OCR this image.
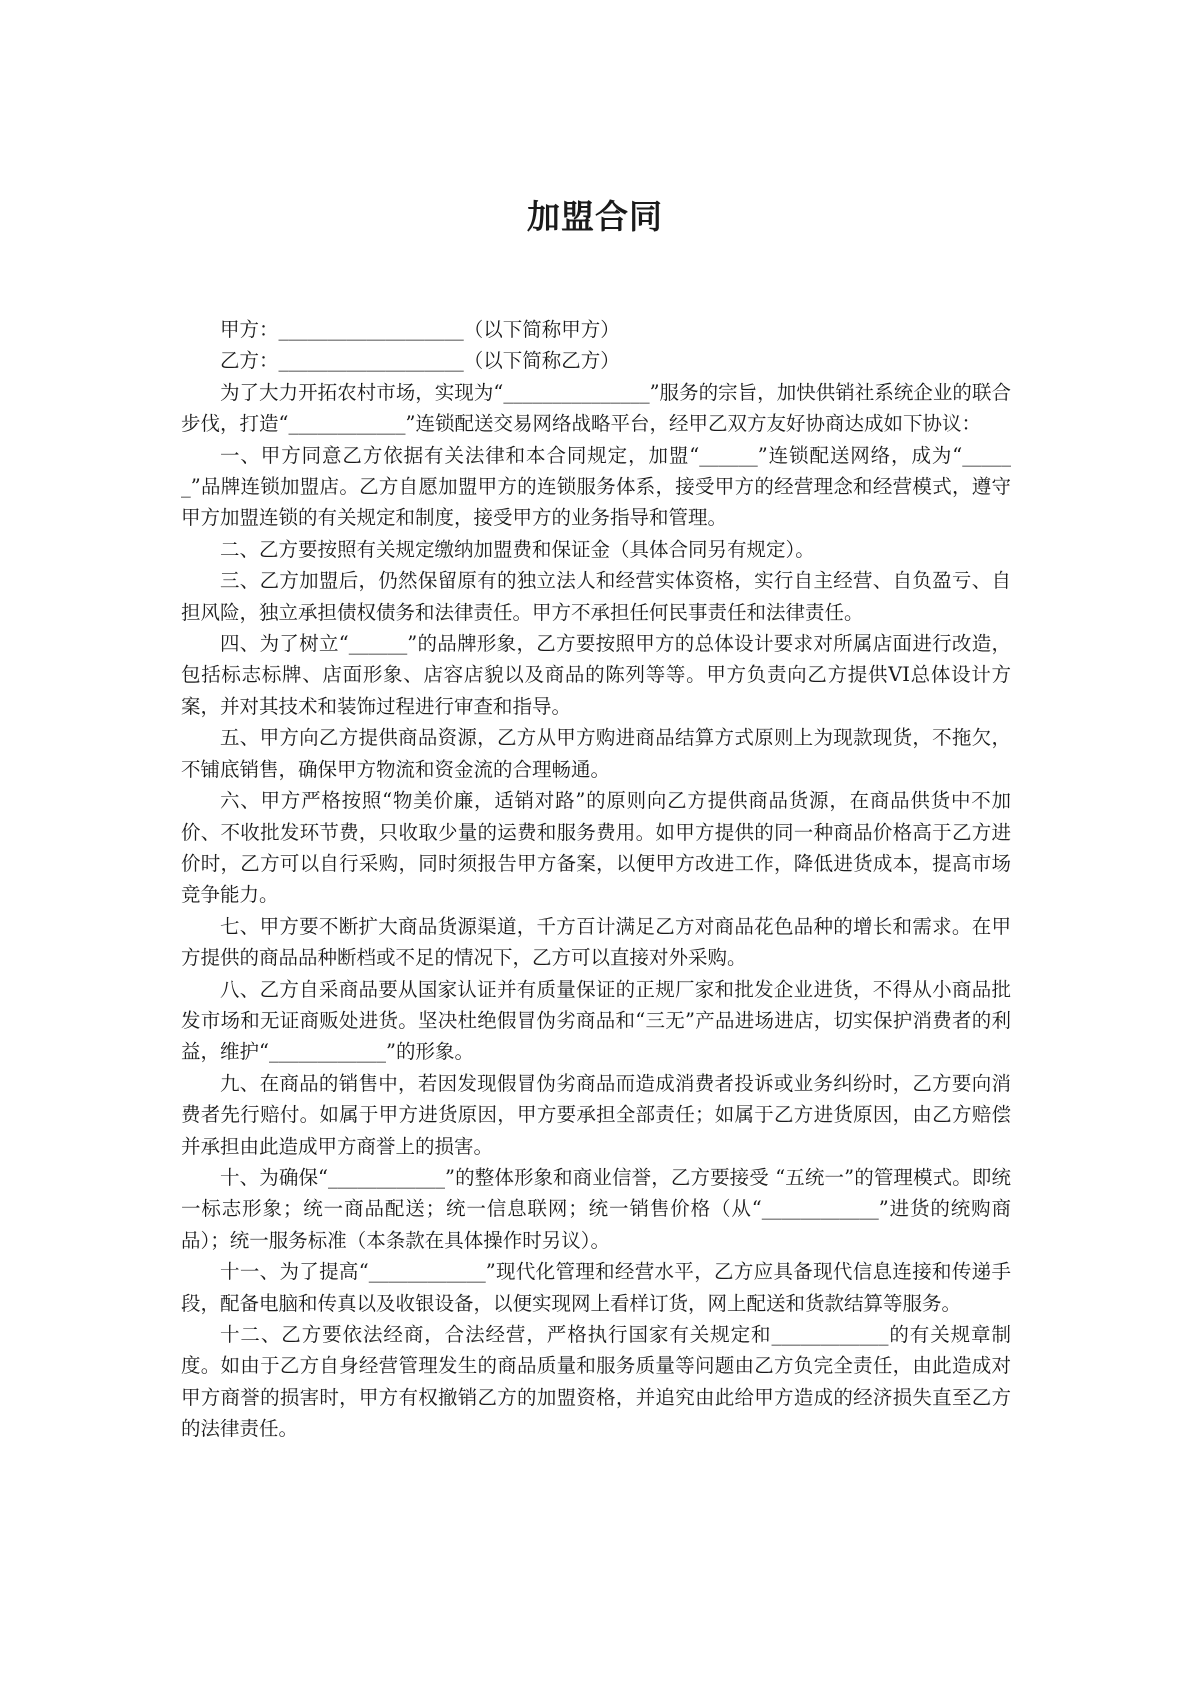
加盟合同

甲方：___________________（以下简称甲方）

乙方：___________________（以下简称乙方）

为了大力开拓农村市场，实现为“_______________”服务的宗旨，加快供销社系统企业的联合步伐，打造“____________”连锁配送交易网络战略平台，经甲乙双方友好协商达成如下协议：

一、甲方同意乙方依据有关法律和本合同规定，加盟“______”连锁配送网络，成为“______”品牌连锁加盟店。乙方自愿加盟甲方的连锁服务体系，接受甲方的经营理念和经营模式，遵守甲方加盟连锁的有关规定和制度，接受甲方的业务指导和管理。

二、乙方要按照有关规定缴纳加盟费和保证金（具体合同另有规定）。

三、乙方加盟后，仍然保留原有的独立法人和经营实体资格，实行自主经营、自负盈亏、自担风险，独立承担债权债务和法律责任。甲方不承担任何民事责任和法律责任。

四、为了树立“______”的品牌形象，乙方要按照甲方的总体设计要求对所属店面进行改造，包括标志标牌、店面形象、店容店貌以及商品的陈列等等。甲方负责向乙方提供VI总体设计方案，并对其技术和装饰过程进行审查和指导。

五、甲方向乙方提供商品资源，乙方从甲方购进商品结算方式原则上为现款现货，不拖欠，不铺底销售，确保甲方物流和资金流的合理畅通。

六、甲方严格按照“物美价廉，适销对路”的原则向乙方提供商品货源，在商品供货中不加价、不收批发环节费，只收取少量的运费和服务费用。如甲方提供的同一种商品价格高于乙方进价时，乙方可以自行采购，同时须报告甲方备案，以便甲方改进工作，降低进货成本，提高市场竞争能力。

七、甲方要不断扩大商品货源渠道，千方百计满足乙方对商品花色品种的增长和需求。在甲方提供的商品品种断档或不足的情况下，乙方可以直接对外采购。

八、乙方自采商品要从国家认证并有质量保证的正规厂家和批发企业进货，不得从小商品批发市场和无证商贩处进货。坚决杜绝假冒伪劣商品和“三无”产品进场进店，切实保护消费者的利益，维护“____________”的形象。

九、在商品的销售中，若因发现假冒伪劣商品而造成消费者投诉或业务纠纷时，乙方要向消费者先行赔付。如属于甲方进货原因，甲方要承担全部责任；如属于乙方进货原因，由乙方赔偿并承担由此造成甲方商誉上的损害。

十、为确保“____________”的整体形象和商业信誉，乙方要接受 “五统一”的管理模式。即统一标志形象；统一商品配送；统一信息联网；统一销售价格（从“____________”进货的统购商品）；统一服务标准（本条款在具体操作时另议）。

十一、为了提高“____________”现代化管理和经营水平，乙方应具备现代信息连接和传递手段，配备电脑和传真以及收银设备，以便实现网上看样订货，网上配送和货款结算等服务。

十二、乙方要依法经商，合法经营，严格执行国家有关规定和____________的有关规章制度。如由于乙方自身经营管理发生的商品质量和服务质量等问题由乙方负完全责任，由此造成对甲方商誉的损害时，甲方有权撤销乙方的加盟资格，并追究由此给甲方造成的经济损失直至乙方的法律责任。
